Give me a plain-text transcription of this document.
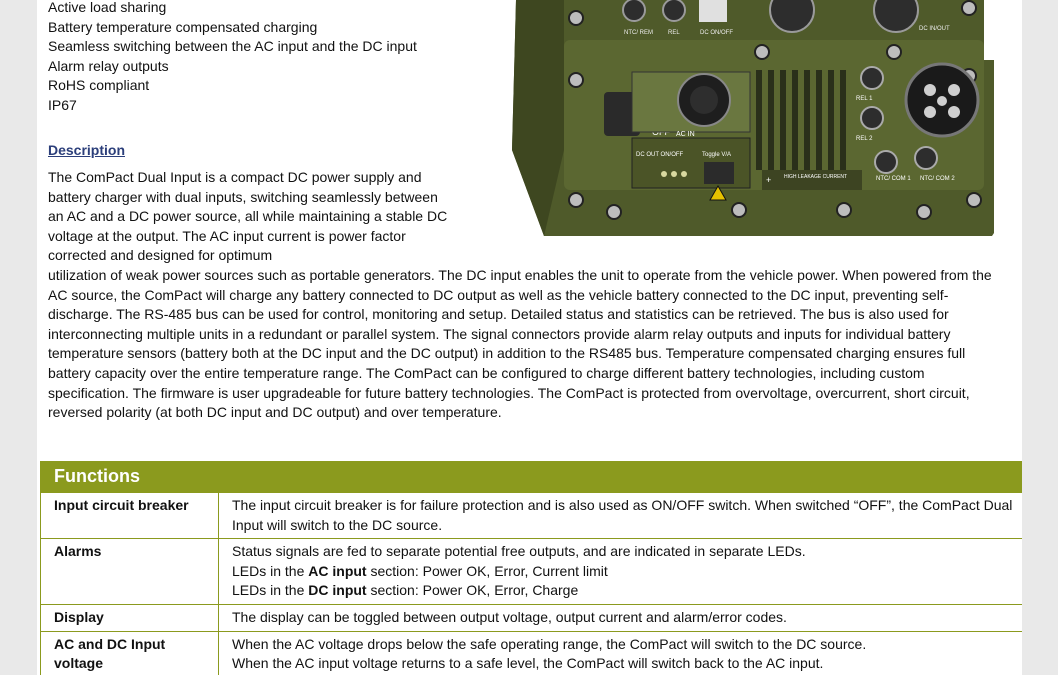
Active load sharing
Battery temperature compensated charging
Seamless switching between the AC input and the DC input
Alarm relay outputs
RoHS compliant
IP67
Description

The ComPact Dual Input is a compact DC power supply and battery charger with dual inputs, switching seamlessly between an AC and a DC power source, all while maintaining a stable DC voltage at the output. The AC input current is power factor corrected and designed for optimum

utilization of weak power sources such as portable generators. The DC input enables the unit to operate from the vehicle power. When powered from the AC source, the ComPact will charge any battery connected to DC output as well as the vehicle battery connected to the DC input, preventing self-discharge. The RS-485 bus can be used for control, monitoring and setup. Detailed status and statistics can be retrieved. The bus is also used for interconnecting multiple units in a redundant or parallel system. The signal connectors provide alarm relay outputs and inputs for individual battery temperature sensors (battery both at the DC input and the DC output) in addition to the RS485 bus. Temperature compensated charging ensures full battery capacity over the entire temperature range. The ComPact can be configured to charge different battery technologies, including custom specification. The firmware is user upgradeable for future battery technologies. The ComPact is protected from overvoltage, overcurrent, short circuit, reversed polarity (at both DC input and DC output) and over temperature.

NTC/ REM	REL	DC ON/OFF
DC IN/OUT
AC IN
DC OUT ON/OFF	Toggle V/A
+	HIGH LEAKAGE CURRENT
REL 1
REL 2
NTC/ COM 1 NTC/ COM 2
Functions
Input circuit breaker	The input circuit breaker is for failure protection and is also used as ON/OFF switch. When switched “OFF”, the ComPact Dual Input will switch to the DC source.

Alarms	Status signals are fed to separate potential free outputs, and are indicated in separate LEDs.
LEDs in the AC input section: Power OK, Error, Current limit
LEDs in the DC input section: Power OK, Error, Charge

Display	The display can be toggled between output voltage, output current and alarm/error codes.

AC and DC Input voltage	When the AC voltage drops below the safe operating range, the ComPact will switch to the DC source.
When the AC input voltage returns to a safe level, the ComPact will switch back to the AC input.
